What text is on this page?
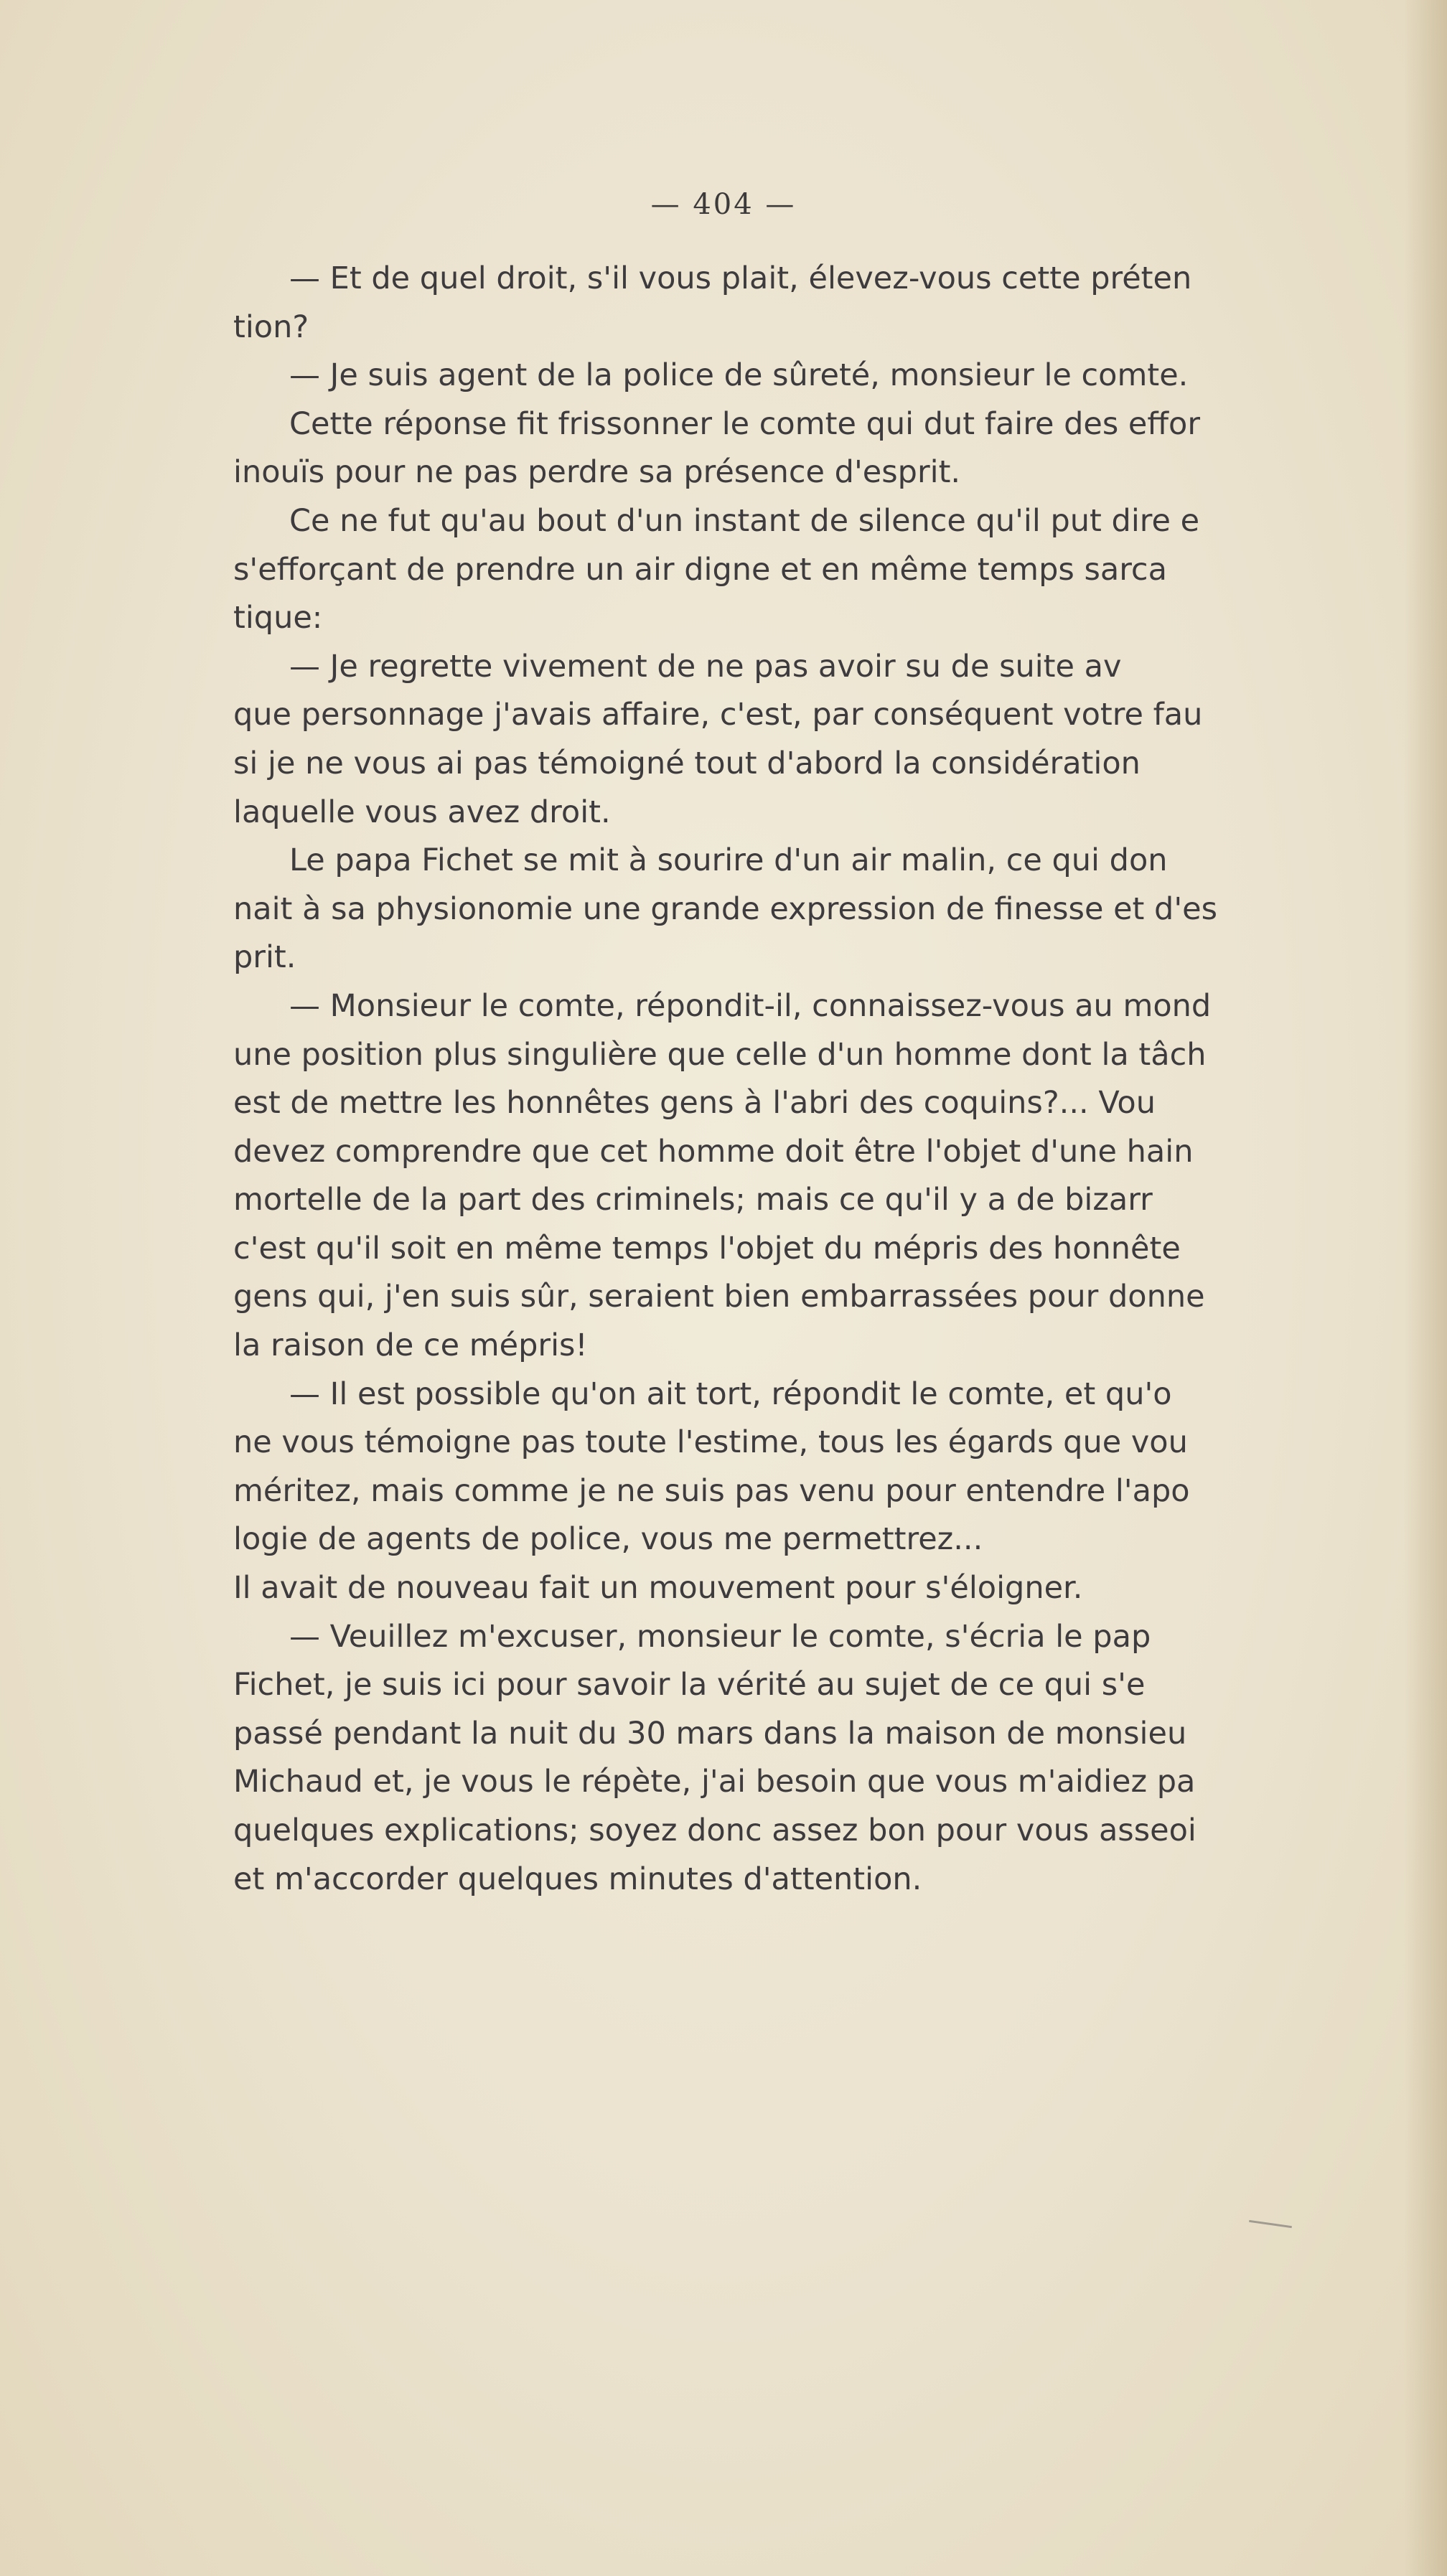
— 404 —
— Et de quel droit, s'il vous plait, élevez-vous cette préten
tion?
— Je suis agent de la police de sûreté, monsieur le comte.
Cette réponse fit frissonner le comte qui dut faire des effor
inouïs pour ne pas perdre sa présence d'esprit.
Ce ne fut qu'au bout d'un instant de silence qu'il put dire e
s'efforçant de prendre un air digne et en même temps sarca
tique:
— Je regrette vivement de ne pas avoir su de suite av
que personnage j'avais affaire, c'est, par conséquent votre fau
si je ne vous ai pas témoigné tout d'abord la considération
laquelle vous avez droit.
Le papa Fichet se mit à sourire d'un air malin, ce qui don
nait à sa physionomie une grande expression de finesse et d'es
prit.
— Monsieur le comte, répondit-il, connaissez-vous au mond
une position plus singulière que celle d'un homme dont la tâch
est de mettre les honnêtes gens à l'abri des coquins?... Vou
devez comprendre que cet homme doit être l'objet d'une hain
mortelle de la part des criminels; mais ce qu'il y a de bizarr
c'est qu'il soit en même temps l'objet du mépris des honnête
gens qui, j'en suis sûr, seraient bien embarrassées pour donne
la raison de ce mépris!
— Il est possible qu'on ait tort, répondit le comte, et qu'o
ne vous témoigne pas toute l'estime, tous les égards que vou
méritez, mais comme je ne suis pas venu pour entendre l'apo
logie de agents de police, vous me permettrez...
Il avait de nouveau fait un mouvement pour s'éloigner.
— Veuillez m'excuser, monsieur le comte, s'écria le pap
Fichet, je suis ici pour savoir la vérité au sujet de ce qui s'e
passé pendant la nuit du 30 mars dans la maison de monsieu
Michaud et, je vous le répète, j'ai besoin que vous m'aidiez pa
quelques explications; soyez donc assez bon pour vous asseoi
et m'accorder quelques minutes d'attention.
